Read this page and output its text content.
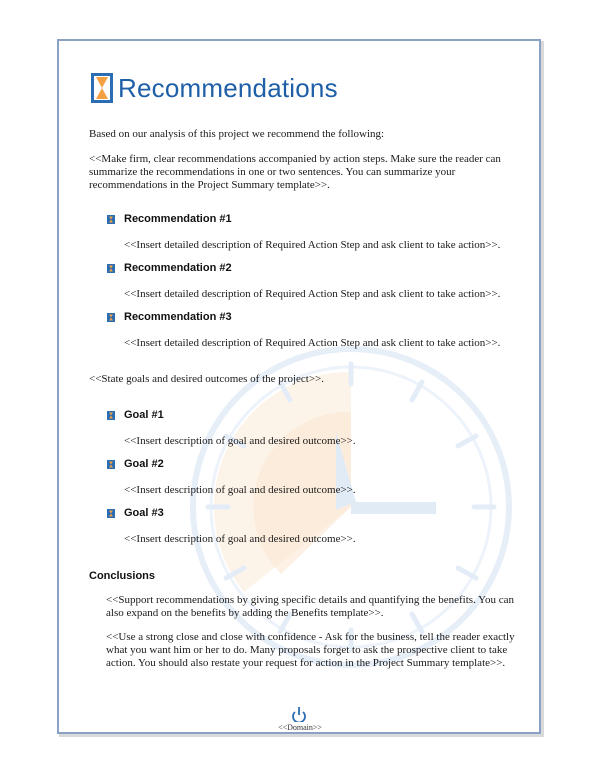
Recommendations
Based on our analysis of this project we recommend the following:
<<Make firm, clear recommendations accompanied by action steps. Make sure the reader can summarize the recommendations in one or two sentences. You can summarize your recommendations in the Project Summary template>>.
Recommendation #1
<<Insert detailed description of Required Action Step and ask client to take action>>.
Recommendation #2
<<Insert detailed description of Required Action Step and ask client to take action>>.
Recommendation #3
<<Insert detailed description of Required Action Step and ask client to take action>>.
<<State goals and desired outcomes of the project>>.
Goal #1
<<Insert description of goal and desired outcome>>.
Goal #2
<<Insert description of goal and desired outcome>>.
Goal #3
<<Insert description of goal and desired outcome>>.
Conclusions
<<Support recommendations by giving specific details and quantifying the benefits. You can also expand on the benefits by adding the Benefits template>>.
<<Use a strong close and close with confidence - Ask for the business, tell the reader exactly what you want him or her to do. Many proposals forget to ask the prospective client to take action. You should also restate your request for action in the Project Summary template>>.
<<Domain>>
